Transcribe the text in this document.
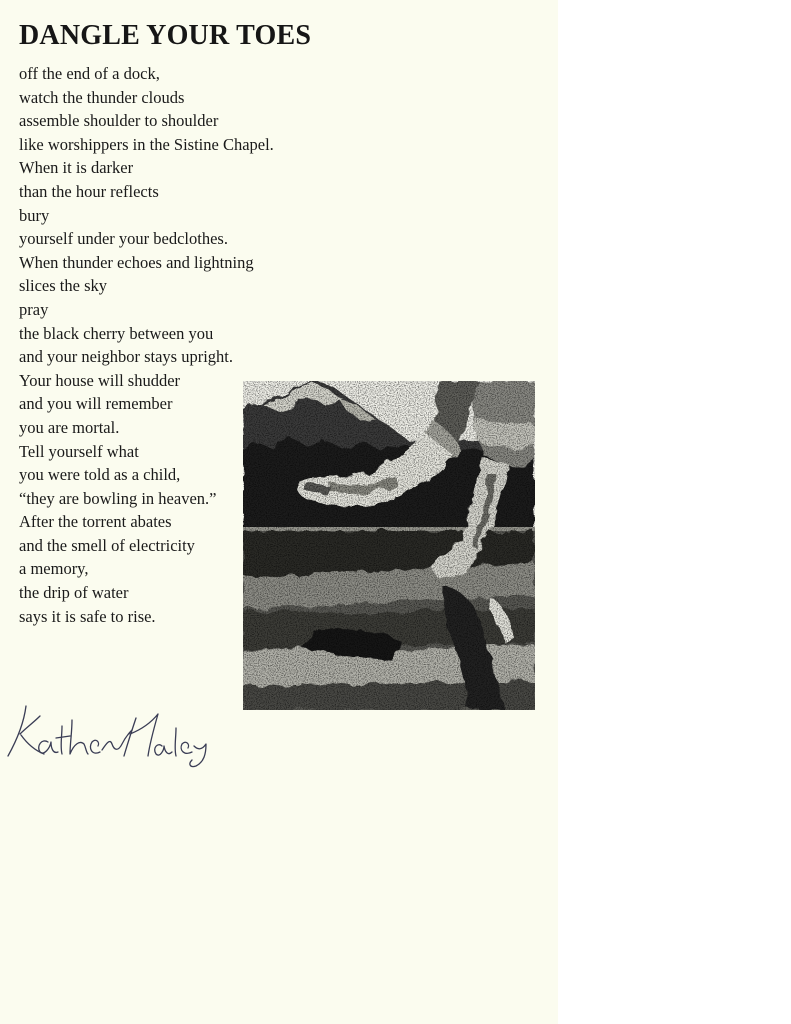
DANGLE YOUR TOES
off the end of a dock,
watch the thunder clouds
assemble shoulder to shoulder
like worshippers in the Sistine Chapel.
When it is darker
than the hour reflects
bury
yourself under your bedclothes.
When thunder echoes and lightning
slices the sky
pray
the black cherry between you
and your neighbor stays upright.
Your house will shudder
and you will remember
you are mortal.
Tell yourself what
you were told as a child,
“they are bowling in heaven.”
After the torrent abates
and the smell of electricity
a memory,
the drip of water
says it is safe to rise.
